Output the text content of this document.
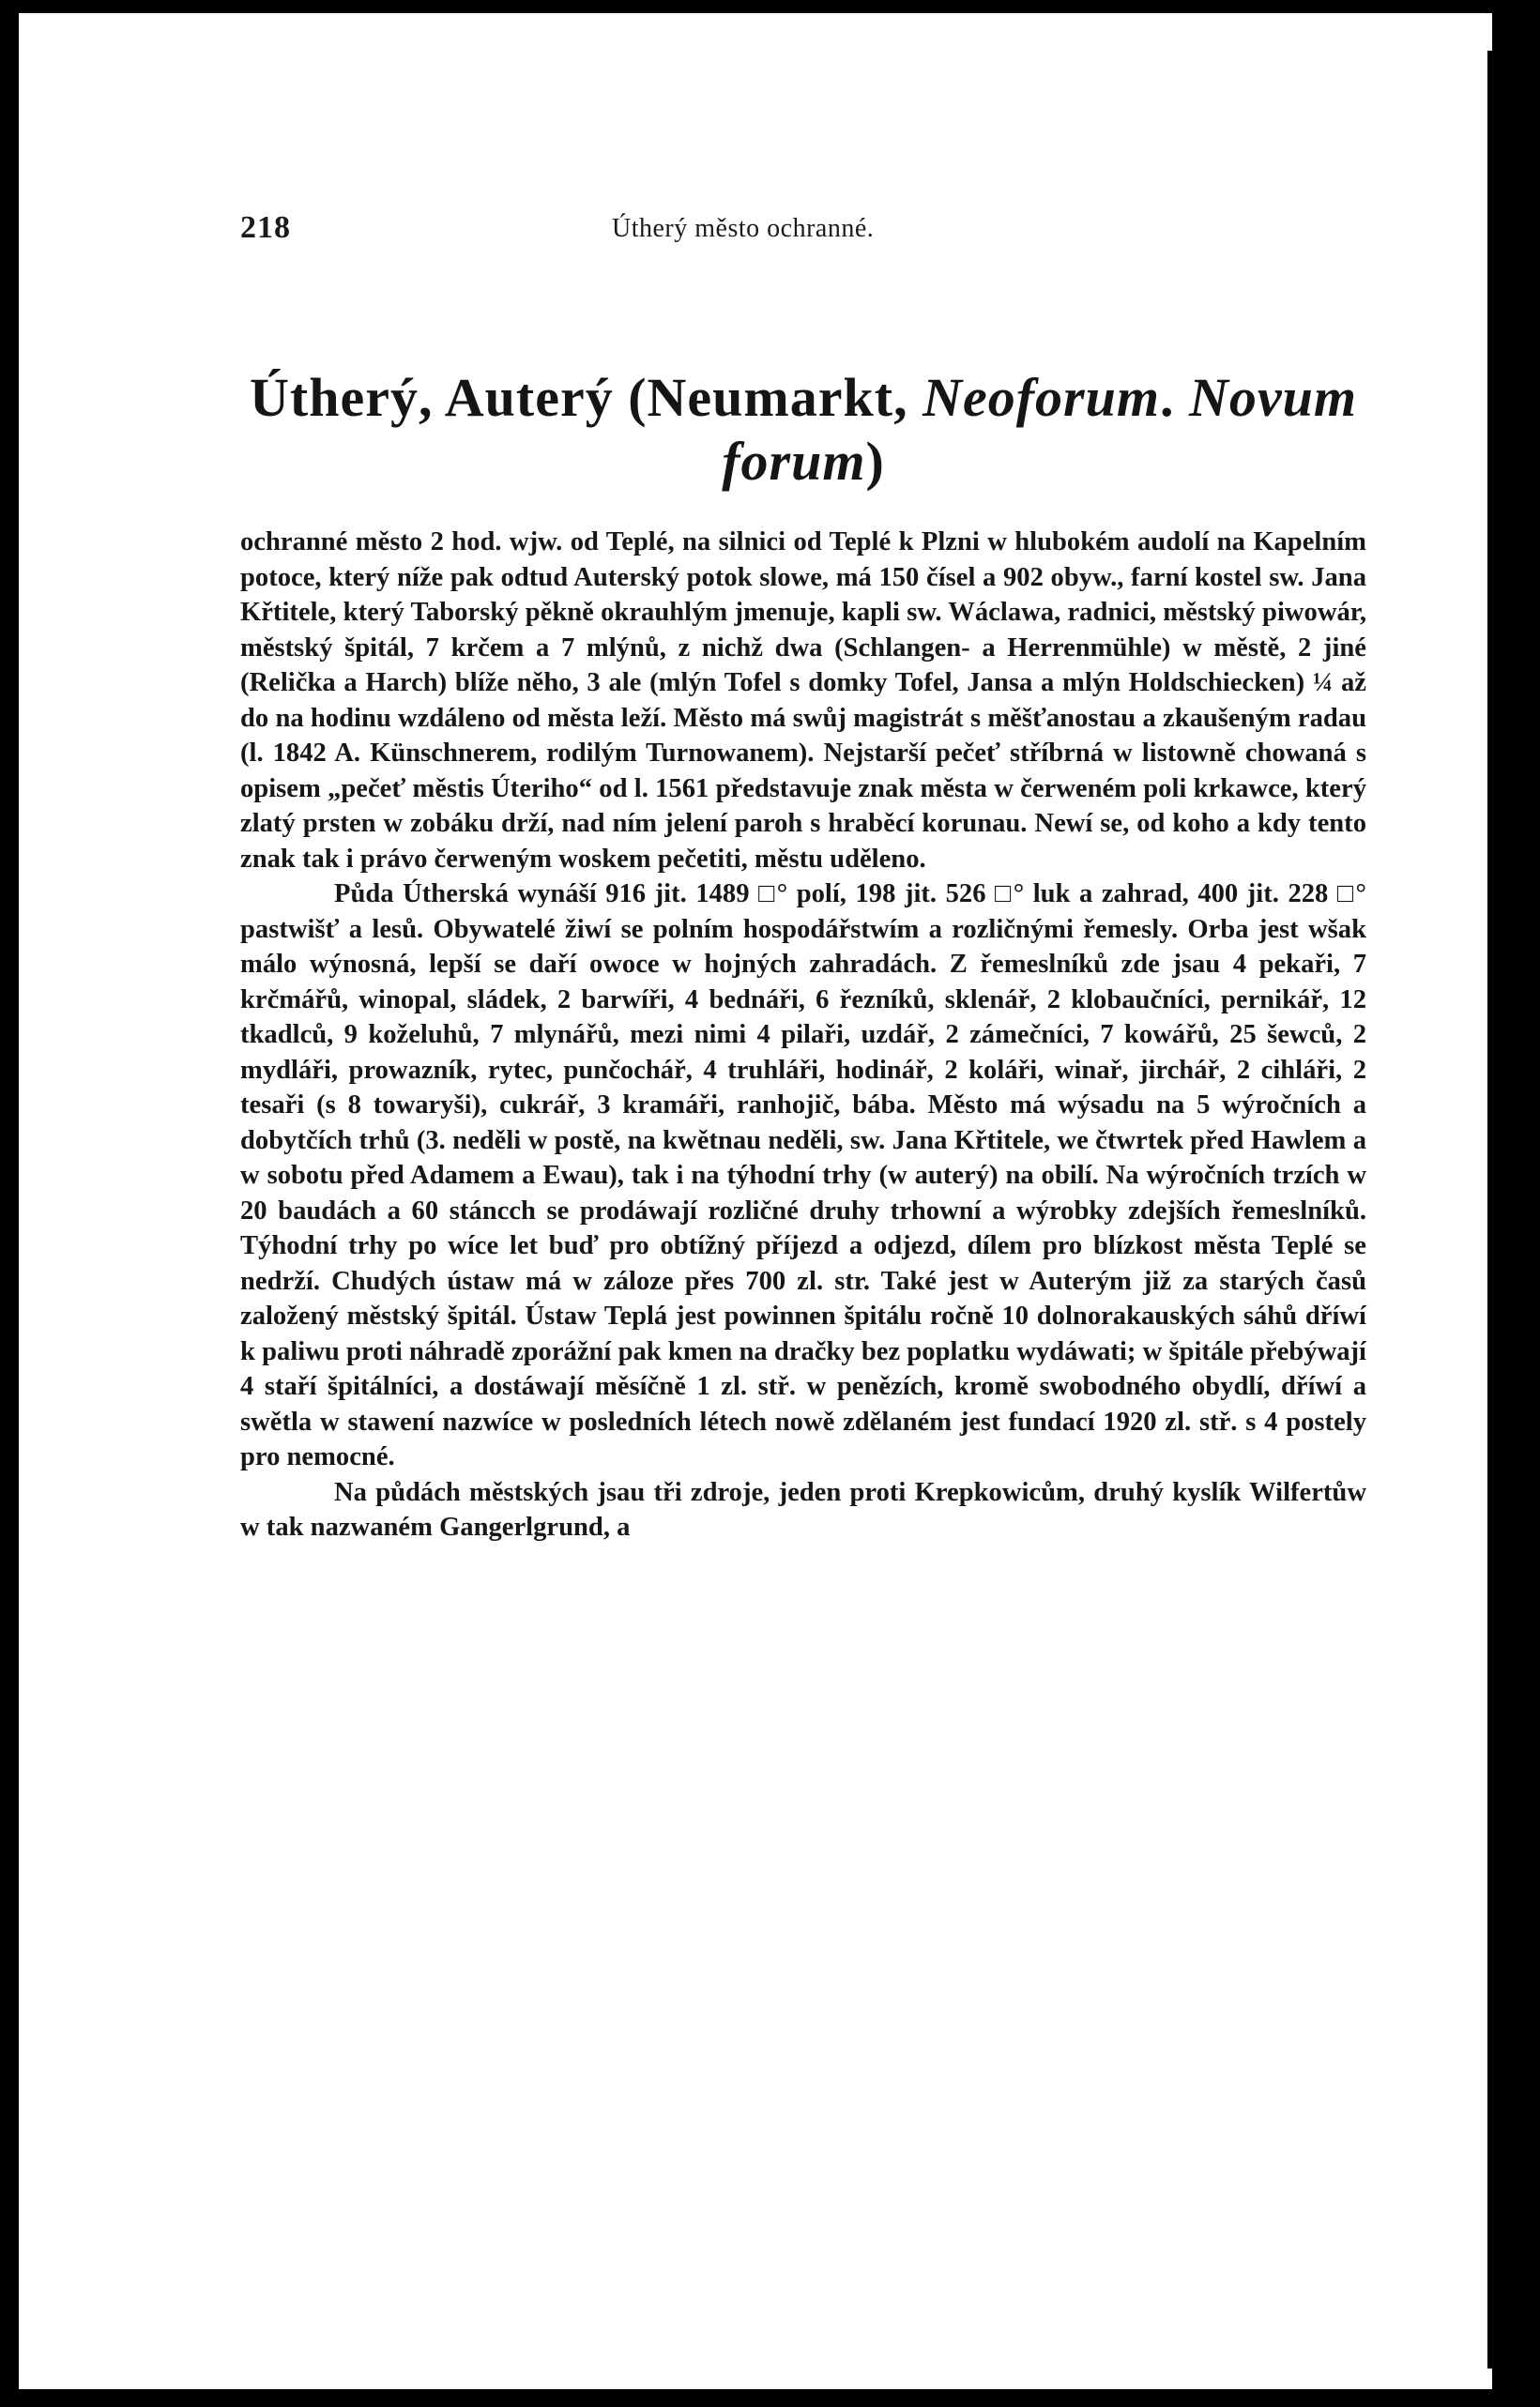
218	Útherý město ochranné.
Útherý, Auterý (Neumarkt, Neoforum. Novum forum)

ochranné město 2 hod. wjw. od Teplé, na silnici od Teplé k Plzni w hlubokém audolí na Kapelním potoce, který níže pak odtud Auterský potok slowe, má 150 čísel a 902 obyw., farní kostel sw. Jana Křtitele, který Taborský pěkně okrauhlým jmenuje, kapli sw. Wáclawa, radnici, městský piwowár, městský špitál, 7 krčem a 7 mlýnů, z nichž dwa (Schlangen- a Herrenmühle) w městě, 2 jiné (Relička a Harch) blíže něho, 3 ale (mlýn Tofel s domky Tofel, Jansa a mlýn Holdschiecken) ¼ až do na hodinu wzdáleno od města leží. Město má swůj magistrát s měšťanostau a zkaušeným radau (l. 1842 A. Künschnerem, rodilým Turnowanem). Nejstarší pečeť stříbrná w listowně chowaná s opisem „pečeť městis Úteriho“ od l. 1561 představuje znak města w čerweném poli krkawce, který zlatý prsten w zobáku drží, nad ním jelení paroh s hraběcí korunau. Newí se, od koho a kdy tento znak tak i právo čerweným woskem pečetiti, městu uděleno.

Půda Útherská wynáší 916 jit. 1489 □° polí, 198 jit. 526 □° luk a zahrad, 400 jit. 228 □° pastwišť a lesů. Obywatelé žiwí se polním hospodářstwím a rozličnými řemesly. Orba jest wšak málo wýnosná, lepší se daří owoce w hojných zahradách. Z řemeslníků zde jsau 4 pekaři, 7 krčmářů, winopal, sládek, 2 barwíři, 4 bednáři, 6 řezníků, sklenář, 2 klobaučníci, pernikář, 12 tkadlců, 9 koželuhů, 7 mlynářů, mezi nimi 4 pilaři, uzdář, 2 zámečníci, 7 kowářů, 25 šewců, 2 mydláři, prowazník, rytec, punčochář, 4 truhláři, hodinář, 2 koláři, winař, jirchář, 2 cihláři, 2 tesaři (s 8 towaryši), cukrář, 3 kramáři, ranhojič, bába. Město má wýsadu na 5 wýročních a dobytčích trhů (3. neděli w postě, na kwětnau neděli, sw. Jana Křtitele, we čtwrtek před Hawlem a w sobotu před Adamem a Ewau), tak i na týhodní trhy (w auterý) na obilí. Na wýročních trzích w 20 baudách a 60 stáncch se prodáwají rozličné druhy trhowní a wýrobky zdejších řemeslníků. Týhodní trhy po wíce let buď pro obtížný příjezd a odjezd, dílem pro blízkost města Teplé se nedrží. Chudých ústaw má w záloze přes 700 zl. str. Také jest w Auterým již za starých časů založený městský špitál. Ústaw Teplá jest powinnen špitálu ročně 10 dolnorakauských sáhů dříwí k paliwu proti náhradě zporážní pak kmen na dračky bez poplatku wydáwati; w špitále přebýwají 4 staří špitálníci, a dostáwají měsíčně 1 zl. stř. w penězích, kromě swobodného obydlí, dříwí a swětla w stawení nazwíce w posledních létech nowě zdělaném jest fundací 1920 zl. stř. s 4 postely pro nemocné.

Na půdách městských jsau tři zdroje, jeden proti Krepkowicům, druhý kyslík Wilfertůw w tak nazwaném Gangerlgrund, a
